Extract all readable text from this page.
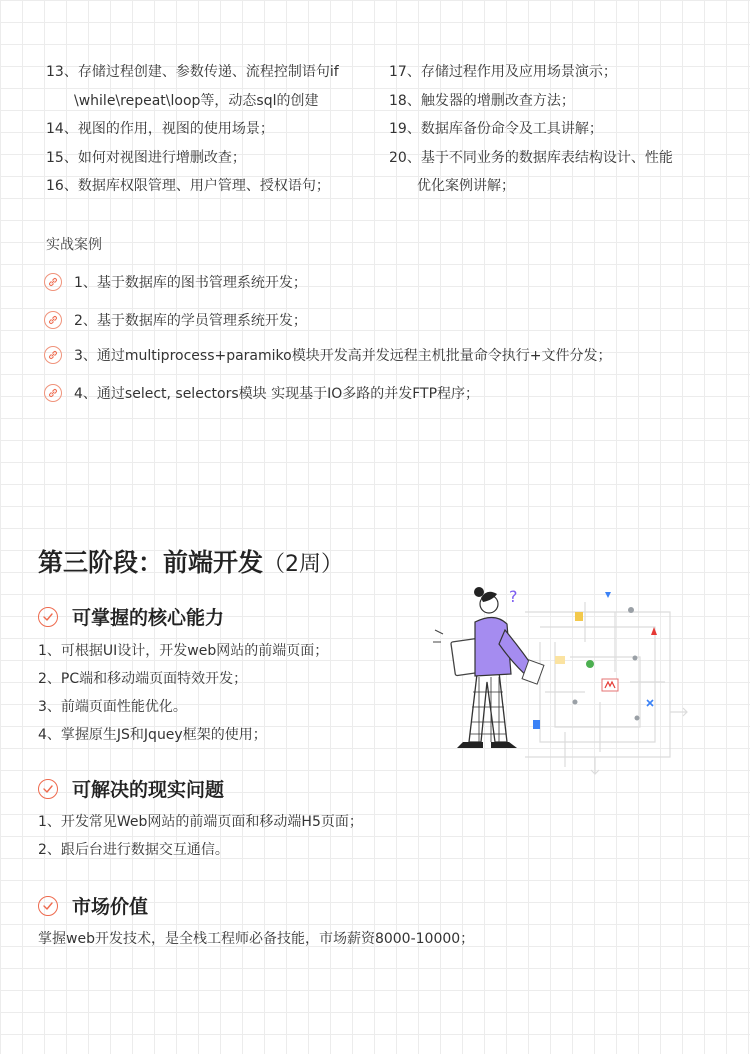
13、存储过程创建、参数传递、流程控制语句if
\while\repeat\loop等，动态sql的创建
14、视图的作用，视图的使用场景；
15、如何对视图进行增删改查；
16、数据库权限管理、用户管理、授权语句；
17、存储过程作用及应用场景演示；
18、触发器的增删改查方法；
19、数据库备份命令及工具讲解；
20、基于不同业务的数据库表结构设计、性能
优化案例讲解；
实战案例
1、基于数据库的图书管理系统开发；
2、基于数据库的学员管理系统开发；
3、通过multiprocess+paramiko模块开发高并发远程主机批量命令执行+文件分发；
4、通过select, selectors模块 实现基于IO多路的并发FTP程序；
第三阶段：前端开发（2周）
可掌握的核心能力
1、可根据UI设计，开发web网站的前端页面；
2、PC端和移动端页面特效开发；
3、前端页面性能优化。
4、掌握原生JS和Jquey框架的使用；
可解决的现实问题
1、开发常见Web网站的前端页面和移动端H5页面；
2、跟后台进行数据交互通信。
市场价值
掌握web开发技术，是全栈工程师必备技能，市场薪资8000-10000；
?
